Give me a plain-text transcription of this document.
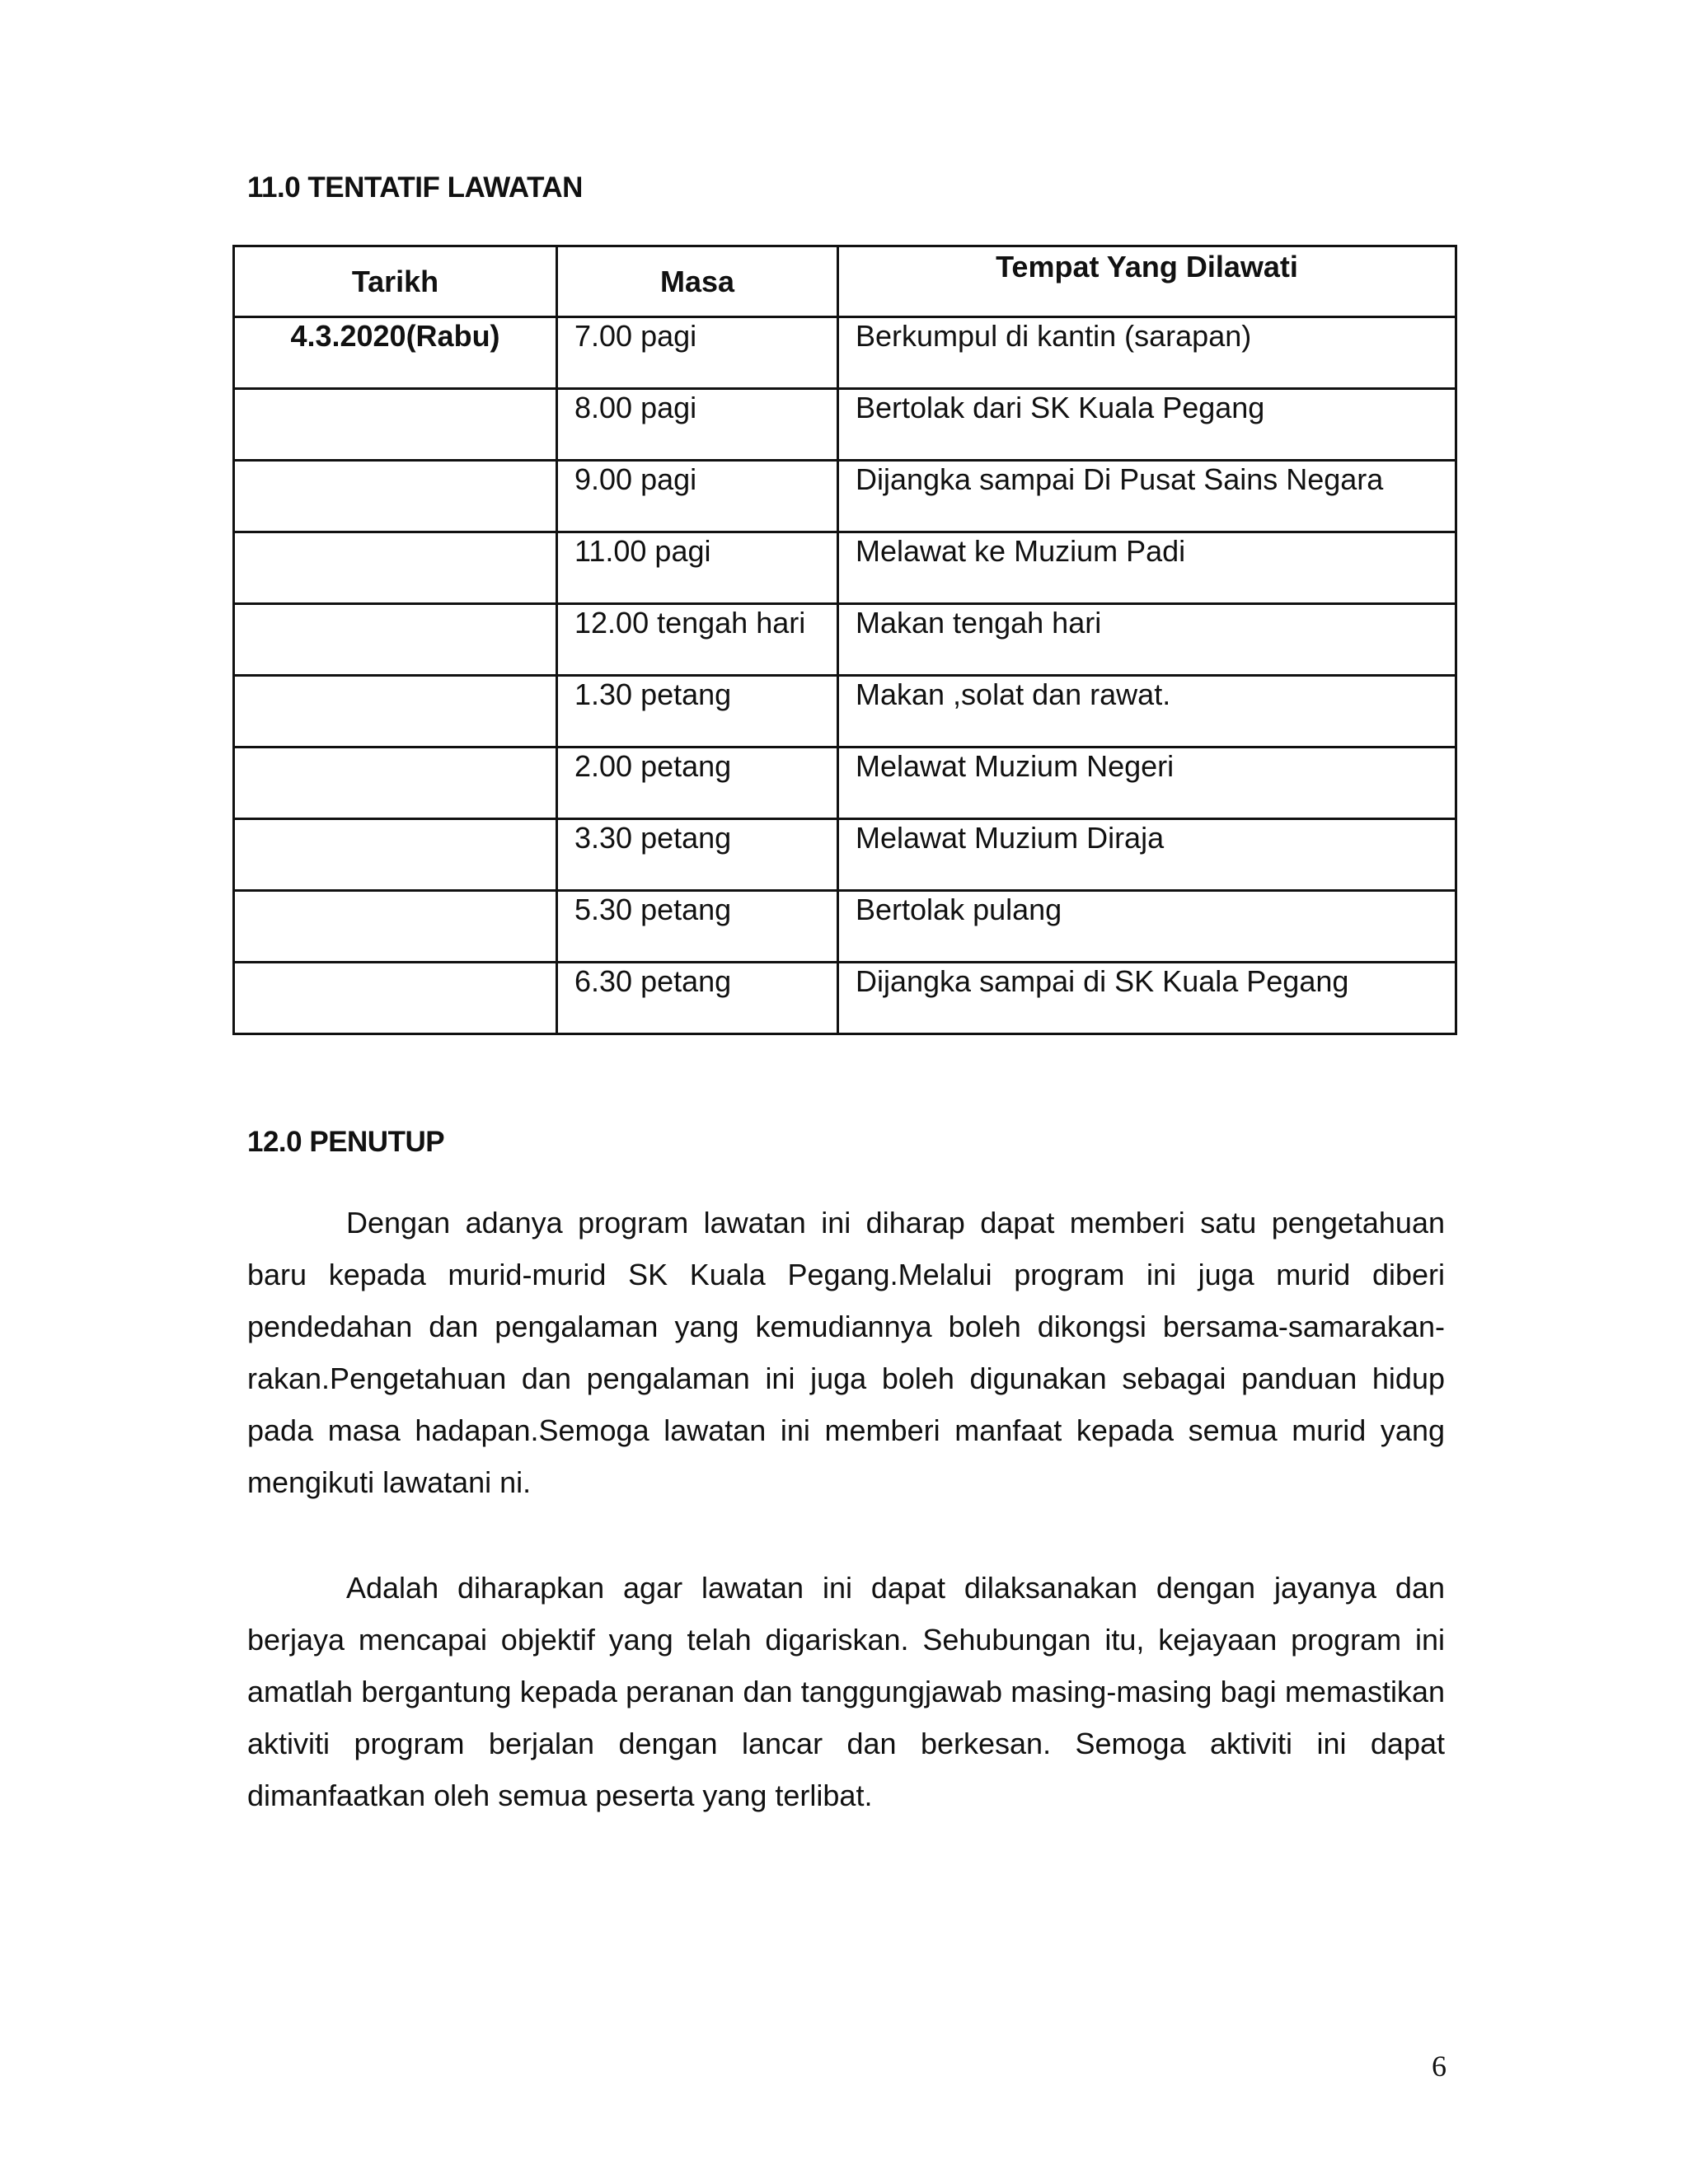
11.0 TENTATIF LAWATAN
Tarikh	Masa	Tempat Yang Dilawati
4.3.2020(Rabu)	7.00 pagi	Berkumpul di kantin (sarapan)
	8.00 pagi	Bertolak dari SK Kuala Pegang
	9.00 pagi	Dijangka sampai Di Pusat Sains Negara
	11.00 pagi	Melawat ke Muzium Padi
	12.00 tengah hari	Makan tengah hari
	1.30 petang	Makan ,solat dan rawat.
	2.00 petang	Melawat Muzium Negeri
	3.30 petang	Melawat Muzium Diraja
	5.30 petang	Bertolak pulang
	6.30 petang	Dijangka sampai di SK Kuala Pegang
12.0 PENUTUP

Dengan adanya program lawatan ini diharap dapat memberi satu pengetahuan baru kepada murid-murid SK Kuala Pegang.Melalui program ini juga murid diberi pendedahan dan pengalaman yang kemudiannya boleh dikongsi bersama-samarakan-rakan.Pengetahuan dan pengalaman ini juga boleh digunakan sebagai panduan hidup pada masa hadapan.Semoga lawatan ini memberi manfaat kepada semua murid yang mengikuti lawatani ni.

Adalah diharapkan agar lawatan ini dapat dilaksanakan dengan jayanya dan berjaya mencapai objektif yang telah digariskan. Sehubungan itu, kejayaan program ini amatlah bergantung kepada peranan dan tanggungjawab masing-masing bagi memastikan aktiviti program berjalan dengan lancar dan berkesan. Semoga aktiviti ini dapat dimanfaatkan oleh semua peserta yang terlibat.

6
